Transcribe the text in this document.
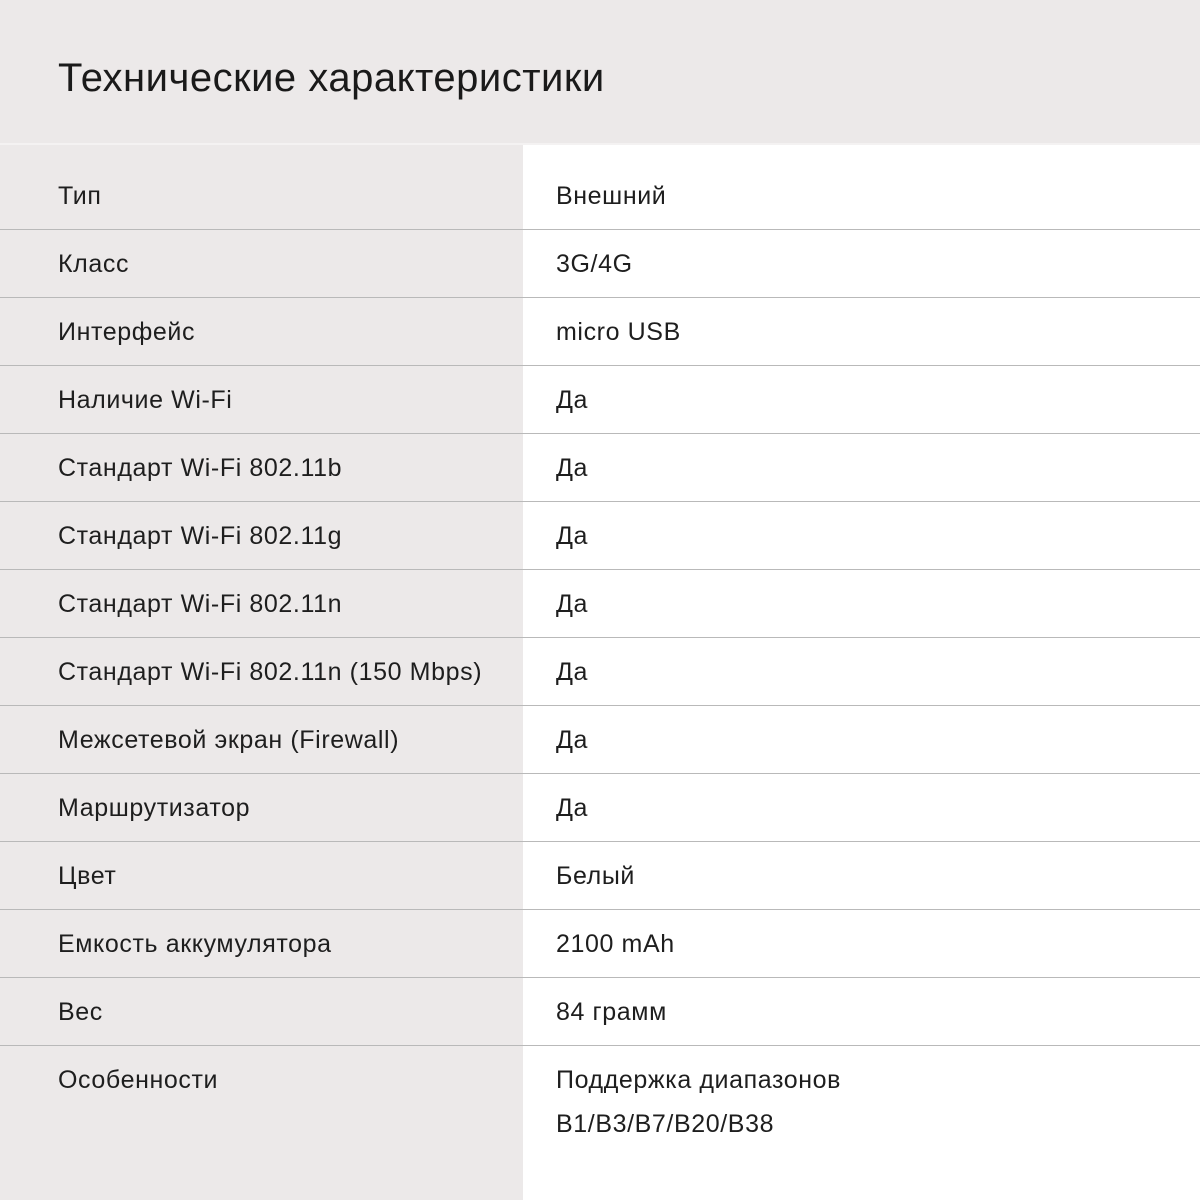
Технические характеристики
Тип	Внешний
Класс	3G/4G
Интерфейс	micro USB
Наличие Wi-Fi	Да
Стандарт Wi-Fi 802.11b	Да
Стандарт Wi-Fi 802.11g	Да
Стандарт Wi-Fi 802.11n	Да
Стандарт Wi-Fi 802.11n (150 Mbps)	Да
Межсетевой экран (Firewall)	Да
Маршрутизатор	Да
Цвет	Белый
Емкость аккумулятора	2100 mAh
Вес	84 грамм
Особенности	Поддержка диапазонов
B1/B3/B7/B20/B38
